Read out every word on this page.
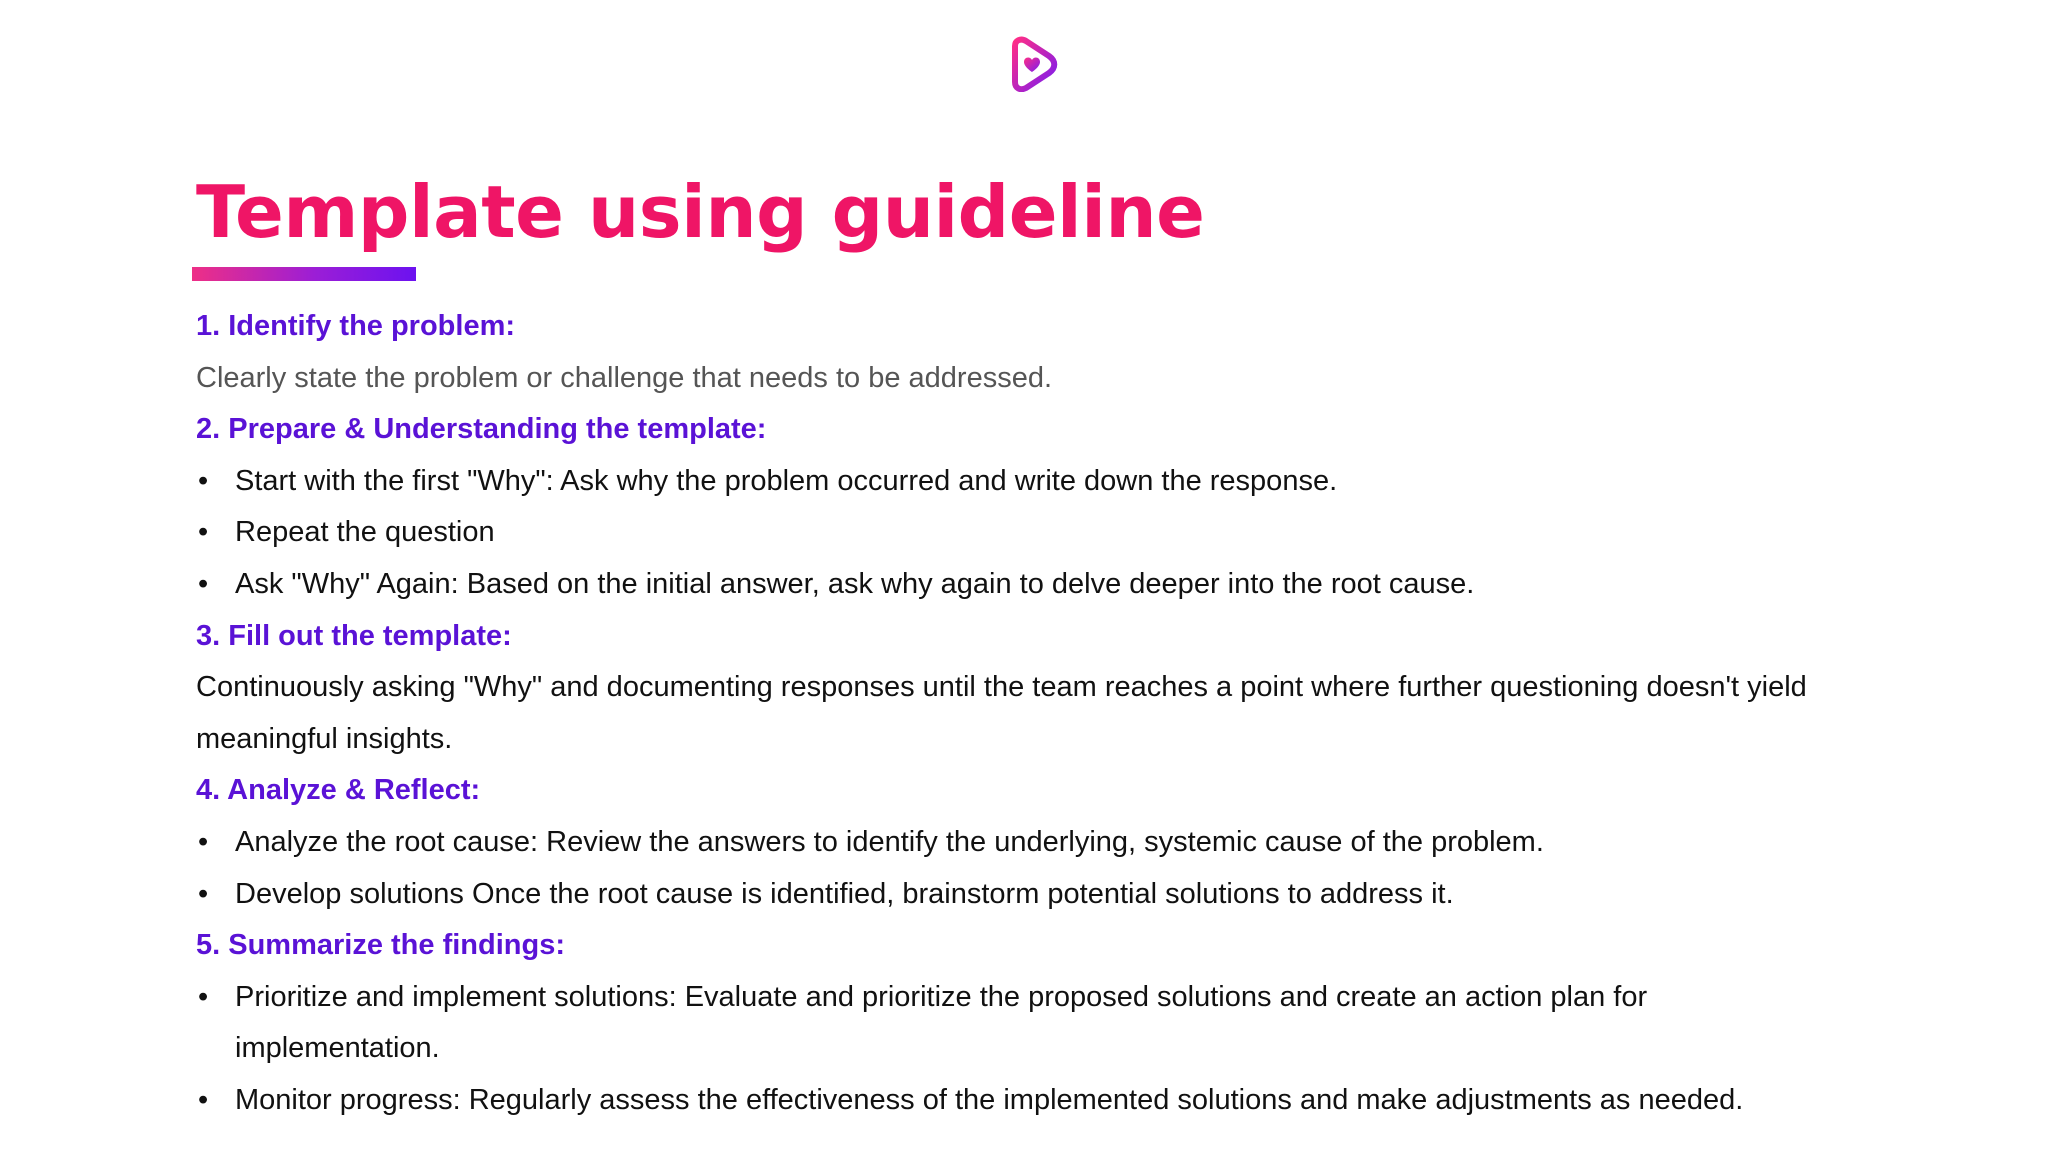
Template using guideline
1. Identify the problem:
Clearly state the problem or challenge that needs to be addressed.
2. Prepare & Understanding the template:
• Start with the first "Why": Ask why the problem occurred and write down the response.
• Repeat the question
• Ask "Why" Again: Based on the initial answer, ask why again to delve deeper into the root cause.
3. Fill out the template:
Continuously asking "Why" and documenting responses until the team reaches a point where further questioning doesn't yield
meaningful insights.
4. Analyze & Reflect:
• Analyze the root cause: Review the answers to identify the underlying, systemic cause of the problem.
• Develop solutions Once the root cause is identified, brainstorm potential solutions to address it.
5. Summarize the findings:
• Prioritize and implement solutions: Evaluate and prioritize the proposed solutions and create an action plan for
implementation.
• Monitor progress: Regularly assess the effectiveness of the implemented solutions and make adjustments as needed.
